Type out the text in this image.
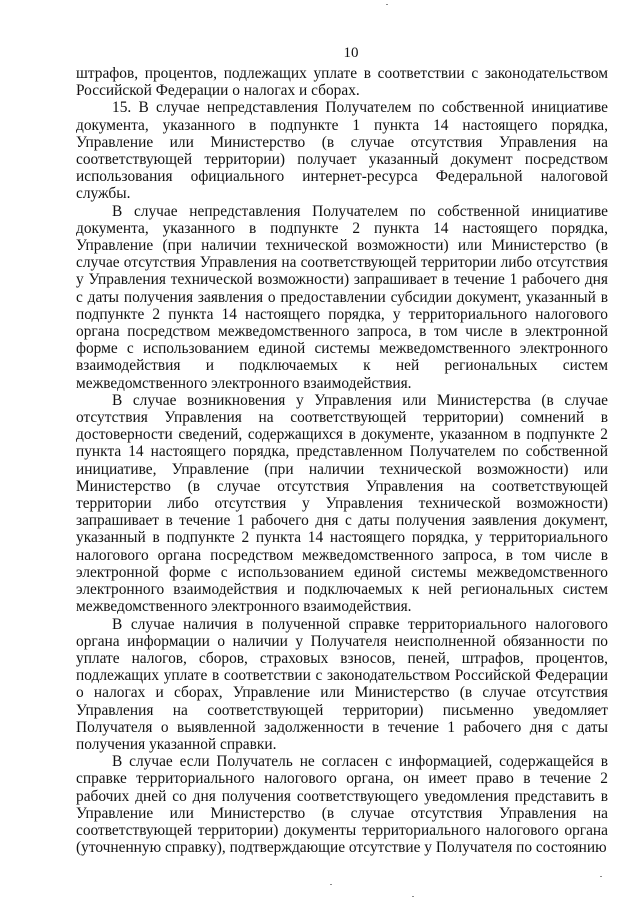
10

штрафов, процентов, подлежащих уплате в соответствии с законодательством Российской Федерации о налогах и сборах.

15. В случае непредставления Получателем по собственной инициативе документа, указанного в подпункте 1 пункта 14 настоящего порядка, Управление или Министерство (в случае отсутствия Управления на соответствующей территории) получает указанный документ посредством использования официального интернет-ресурса Федеральной налоговой службы.

В случае непредставления Получателем по собственной инициативе документа, указанного в подпункте 2 пункта 14 настоящего порядка, Управление (при наличии технической возможности) или Министерство (в случае отсутствия Управления на соответствующей территории либо отсутствия у Управления технической возможности) запрашивает в течение 1 рабочего дня с даты получения заявления о предоставлении субсидии документ, указанный в подпункте 2 пункта 14 настоящего порядка, у территориального налогового органа посредством межведомственного запроса, в том числе в электронной форме с использованием единой системы межведомственного электронного взаимодействия и подключаемых к ней региональных систем межведомственного электронного взаимодействия.

В случае возникновения у Управления или Министерства (в случае отсутствия Управления на соответствующей территории) сомнений в достоверности сведений, содержащихся в документе, указанном в подпункте 2 пункта 14 настоящего порядка, представленном Получателем по собственной инициативе, Управление (при наличии технической возможности) или Министерство (в случае отсутствия Управления на соответствующей территории либо отсутствия у Управления технической возможности) запрашивает в течение 1 рабочего дня с даты получения заявления документ, указанный в подпункте 2 пункта 14 настоящего порядка, у территориального налогового органа посредством межведомственного запроса, в том числе в электронной форме с использованием единой системы межведомственного электронного взаимодействия и подключаемых к ней региональных систем межведомственного электронного взаимодействия.

В случае наличия в полученной справке территориального налогового органа информации о наличии у Получателя неисполненной обязанности по уплате налогов, сборов, страховых взносов, пеней, штрафов, процентов, подлежащих уплате в соответствии с законодательством Российской Федерации о налогах и сборах, Управление или Министерство (в случае отсутствия Управления на соответствующей территории) письменно уведомляет Получателя о выявленной задолженности в течение 1 рабочего дня с даты получения указанной справки.

В случае если Получатель не согласен с информацией, содержащейся в справке территориального налогового органа, он имеет право в течение 2 рабочих дней со дня получения соответствующего уведомления представить в Управление или Министерство (в случае отсутствия Управления на соответствующей территории) документы территориального налогового органа (уточненную справку), подтверждающие отсутствие у Получателя по состоянию
